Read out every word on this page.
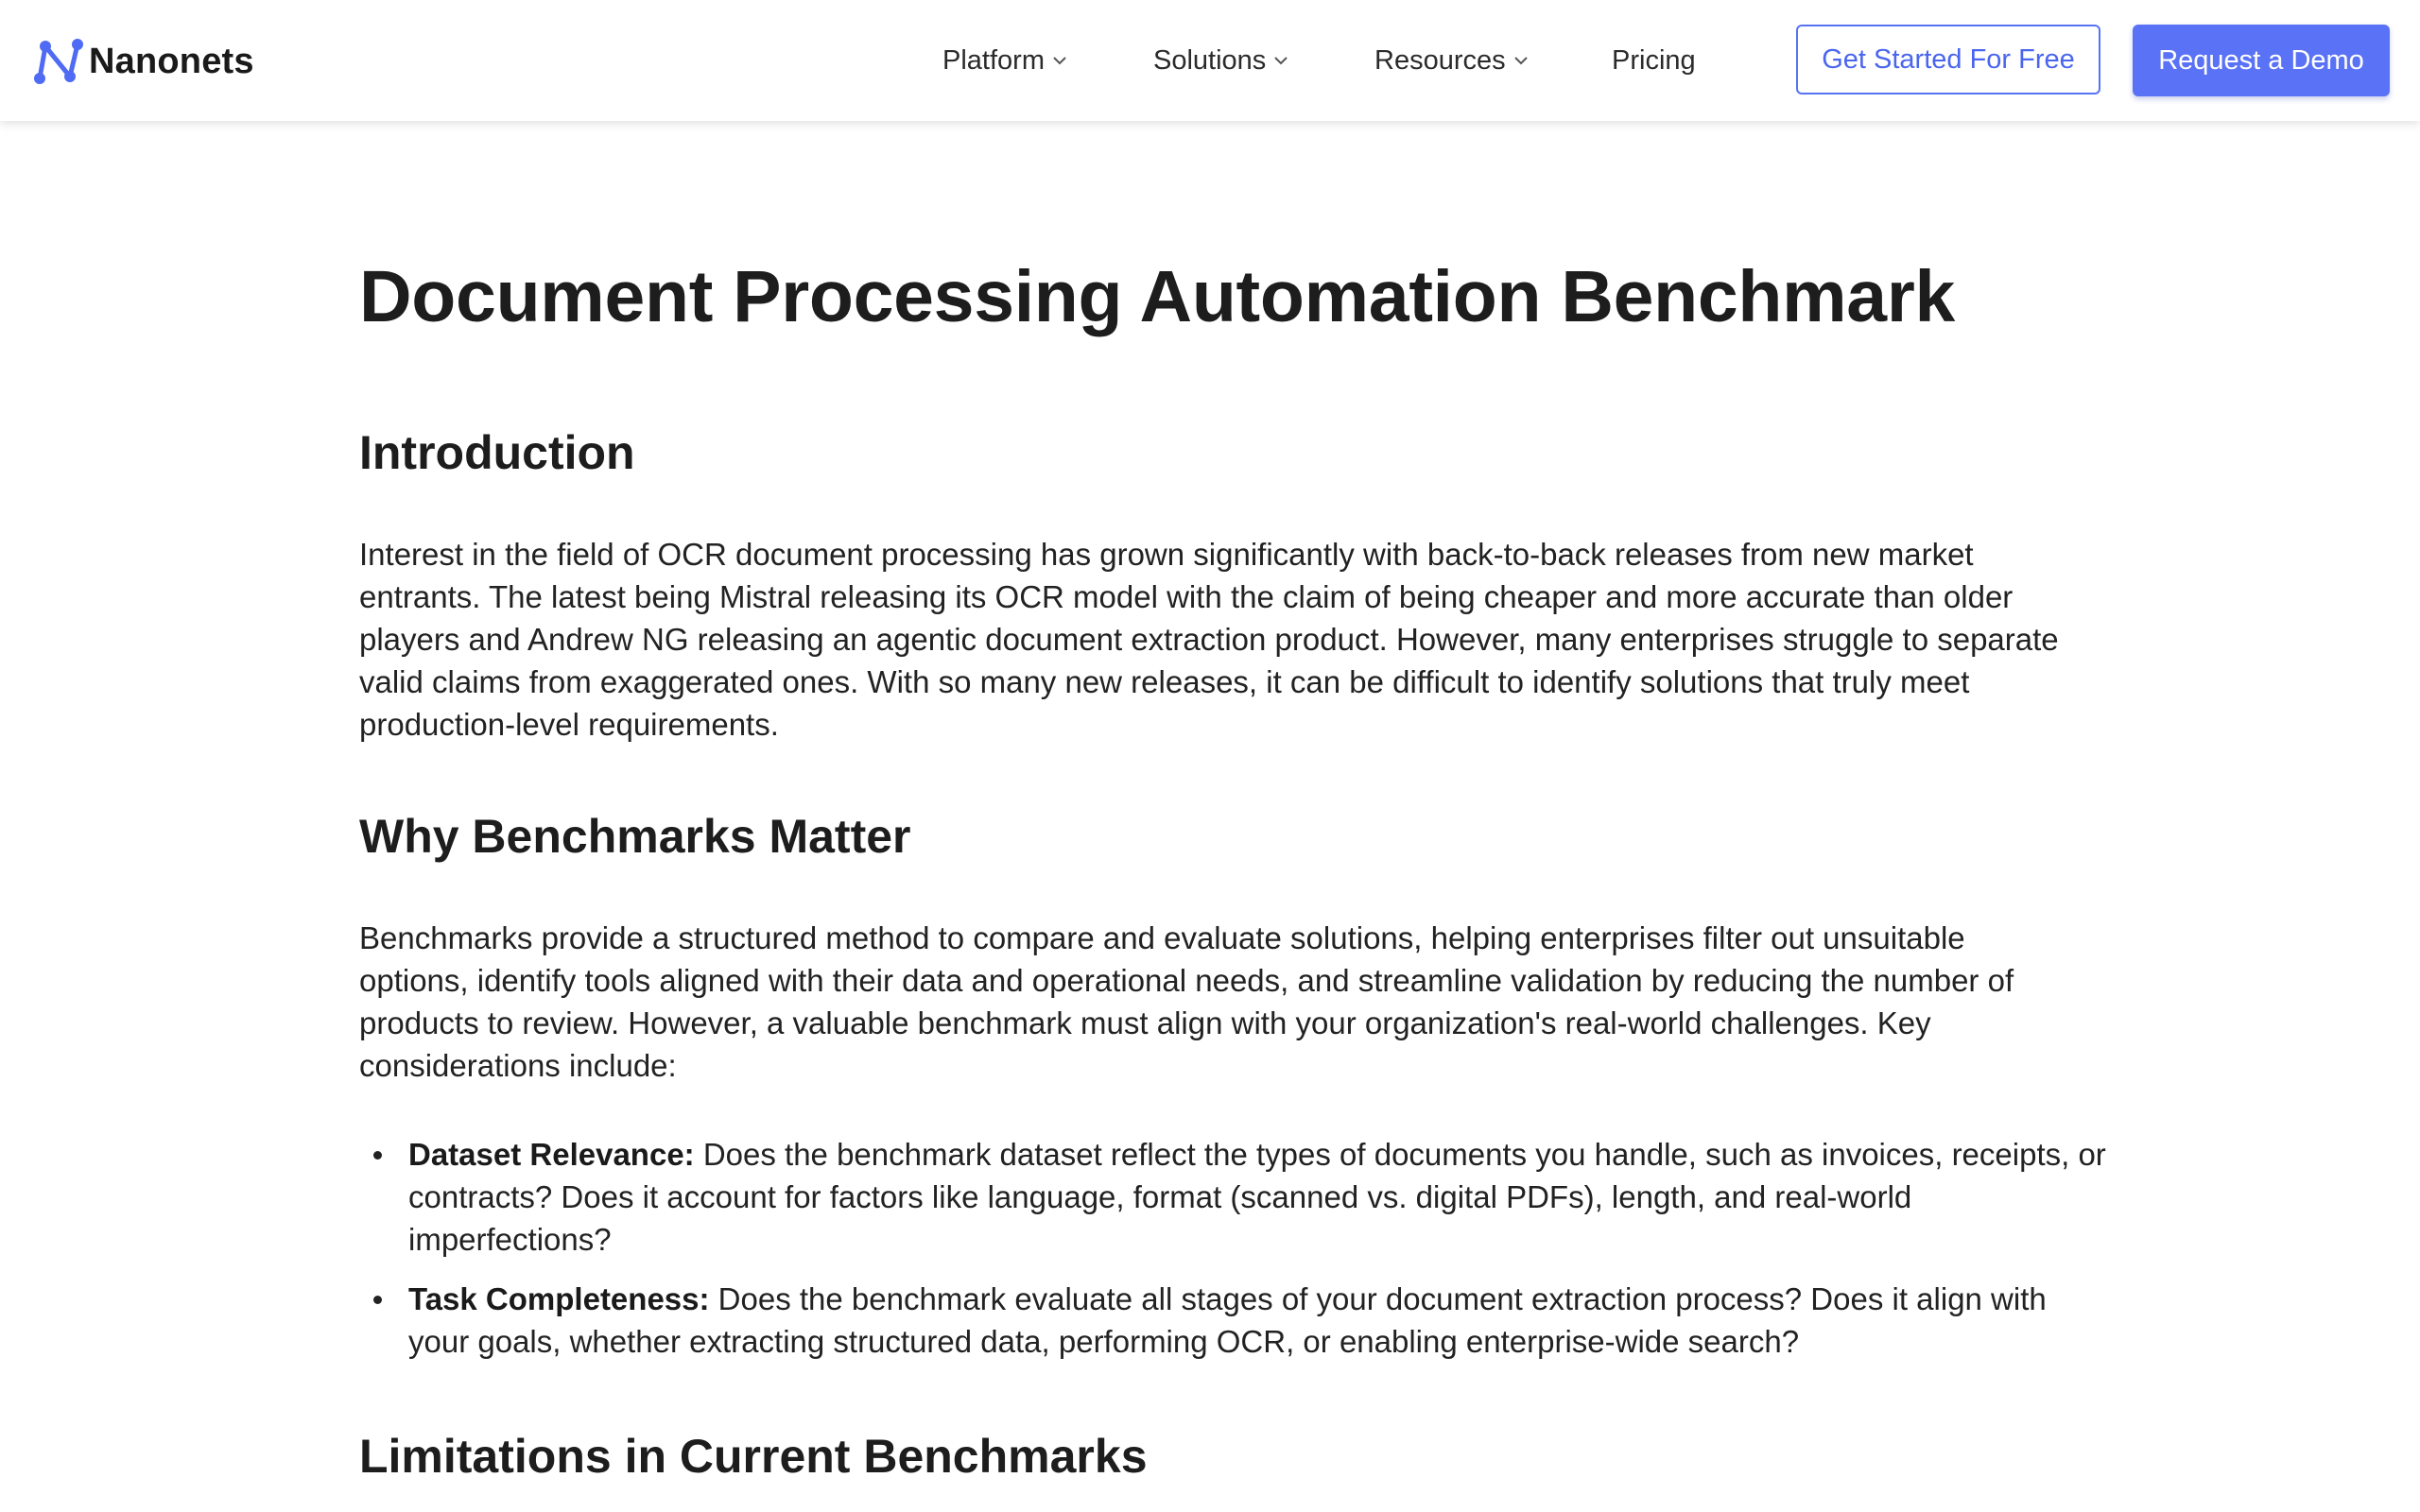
Nanonets	Platform	Solutions	Resources	Pricing	Get Started For Free	Request a Demo
Document Processing Automation Benchmark
Introduction

Interest in the field of OCR document processing has grown significantly with back-to-back releases from new market entrants. The latest being Mistral releasing its OCR model with the claim of being cheaper and more accurate than older players and Andrew NG releasing an agentic document extraction product. However, many enterprises struggle to separate valid claims from exaggerated ones. With so many new releases, it can be difficult to identify solutions that truly meet production-level requirements.

Why Benchmarks Matter

Benchmarks provide a structured method to compare and evaluate solutions, helping enterprises filter out unsuitable options, identify tools aligned with their data and operational needs, and streamline validation by reducing the number of products to review. However, a valuable benchmark must align with your organization's real-world challenges. Key considerations include:

Dataset Relevance: Does the benchmark dataset reflect the types of documents you handle, such as invoices, receipts, or contracts? Does it account for factors like language, format (scanned vs. digital PDFs), length, and real-world imperfections?
Task Completeness: Does the benchmark evaluate all stages of your document extraction process? Does it align with your goals, whether extracting structured data, performing OCR, or enabling enterprise-wide search?
Limitations in Current Benchmarks
